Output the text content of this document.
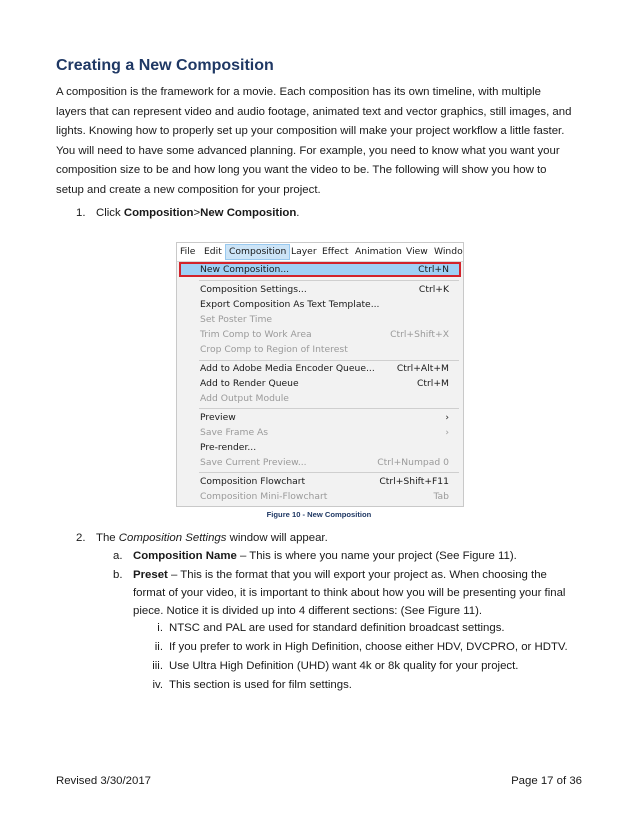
Creating a New Composition
A composition is the framework for a movie. Each composition has its own timeline, with multiple
layers that can represent video and audio footage, animated text and vector graphics, still images, and
lights. Knowing how to properly set up your composition will make your project workflow a little faster.
You will need to have some advanced planning. For example, you need to know what you want your
composition size to be and how long you want the video to be. The following will show you how to
setup and create a new composition for your project.
1. Click Composition>New Composition.
File Edit Composition Layer Effect Animation View Windo
New Composition...	Ctrl+N
Composition Settings...	Ctrl+K
Export Composition As Text Template...
Set Poster Time
Trim Comp to Work Area	Ctrl+Shift+X
Crop Comp to Region of Interest
Add to Adobe Media Encoder Queue... Ctrl+Alt+M
Add to Render Queue	Ctrl+M
Add Output Module
Preview	›
Save Frame As	›
Pre-render...
Save Current Preview...	Ctrl+Numpad 0
Composition Flowchart	Ctrl+Shift+F11
Composition Mini-Flowchart	Tab
Figure 10 - New Composition
2. The Composition Settings window will appear.
a. Composition Name – This is where you name your project (See Figure 11).
b. Preset – This is the format that you will export your project as. When choosing the
format of your video, it is important to think about how you will be presenting your final
piece. Notice it is divided up into 4 different sections: (See Figure 11).
i. NTSC and PAL are used for standard definition broadcast settings.
ii. If you prefer to work in High Definition, choose either HDV, DVCPRO, or HDTV.
iii. Use Ultra High Definition (UHD) want 4k or 8k quality for your project.
iv. This section is used for film settings.
Revised 3/30/2017	Page 17 of 36
